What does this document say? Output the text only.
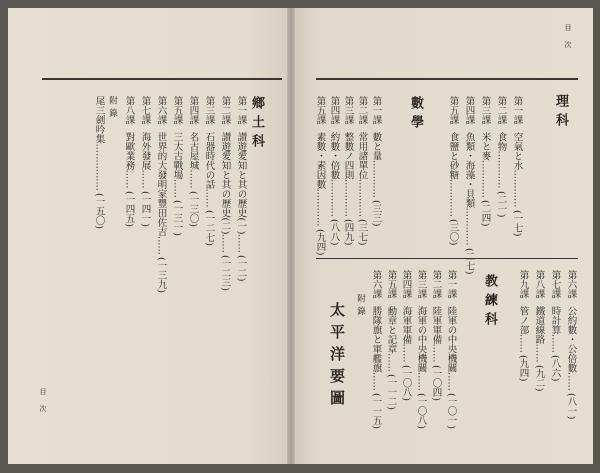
目次
目次
理科
第一課空氣と水…………(一七)
第二課食物…………(二一)
第三課米と麥…………(二四)
第四課魚類・海藻・貝類…………(二七)
第五課食鹽と砂糖…………(三〇)
數學
第一課數と量…………(三三)
第二課常用諸單位…………(三七)
第三課整數ノ四則…………(四九)
第四課約數・倍數…………(八八)
第五課素數・素因數…………(九四)
第六課公約數・公倍數……(八一)
第七課時計算……(八六)
第八課鐵道線路……(九二)
第九課管ノ部……(九四)
教練科
第一課陸軍の中央機關……(一〇一)
第二課陸軍軍備……(一〇四)
第三課海軍の中央機關……(一〇八)
第四課海軍軍備……(一〇八)
第五課勳章と記章……(一一二)
第六課勝隊旗と軍艦旗……(一一五)
附錄
太平洋要圖
鄉土科
第一課讃遊愛知と其の歷史(一)……(一二)
第二課讃遊愛知と其の歷史(二)……(一二三)
第三課石器時代の話……(一二七)
第四課名古屋城……(一三〇)
第五課三大古戰場……(一三一)
第六課世界的大發明家豐田佐吉……(一三九)
第七課海外發展……(一四一)
第八課對歐業務……(一四五)
附錄
尾三劍吟集……………(一五〇)
